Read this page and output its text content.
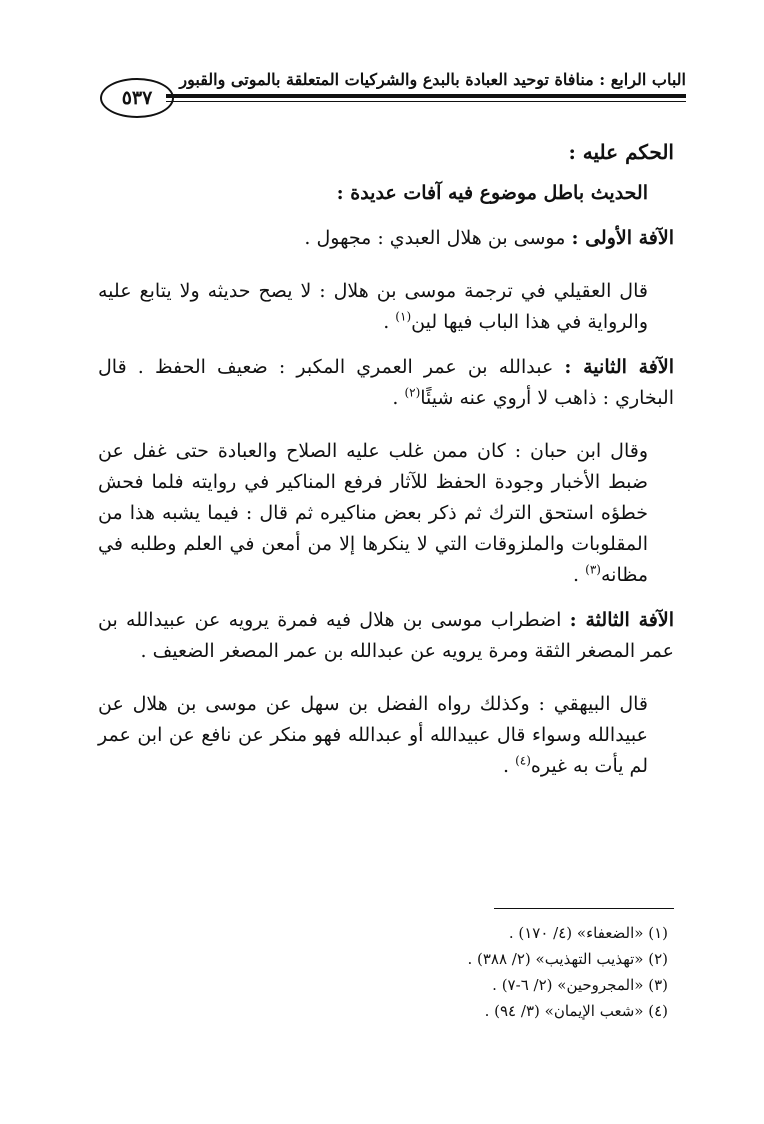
الباب الرابع : منافاة توحيد العبادة بالبدع والشركيات المتعلقة بالموتى والقبور
٥٣٧

الحكم عليه :

الحديث باطل موضوع فيه آفات عديدة :

الآفة الأولى : موسى بن هلال العبدي : مجهول .

قال العقيلي في ترجمة موسى بن هلال : لا يصح حديثه ولا يتابع عليه والرواية في هذا الباب فيها لين$^{(١)}$ .

الآفة الثانية : عبدالله بن عمر العمري المكبر : ضعيف الحفظ . قال البخاري : ذاهب لا أروي عنه شيئًا$^{(٢)}$ .

وقال ابن حبان : كان ممن غلب عليه الصلاح والعبادة حتى غفل عن ضبط الأخبار وجودة الحفظ للآثار فرفع المناكير في روايته فلما فحش خطؤه استحق الترك ثم ذكر بعض مناكيره ثم قال : فيما يشبه هذا من المقلوبات والملزوقات التي لا ينكرها إلا من أمعن في العلم وطلبه في مظانه$^{(٣)}$ .

الآفة الثالثة : اضطراب موسى بن هلال فيه فمرة يرويه عن عبيدالله بن عمر المصغر الثقة ومرة يرويه عن عبدالله بن عمر المصغر الضعيف .

قال البيهقي : وكذلك رواه الفضل بن سهل عن موسى بن هلال عن عبيدالله وسواء قال عبيدالله أو عبدالله فهو منكر عن نافع عن ابن عمر لم يأت به غيره$^{(٤)}$ .

(١) «الضعفاء» (٤/ ١٧٠) .

(٢) «تهذيب التهذيب» (٢/ ٣٨٨) .

(٣) «المجروحين» (٢/ ٦-٧) .

(٤) «شعب الإيمان» (٣/ ٩٤) .
